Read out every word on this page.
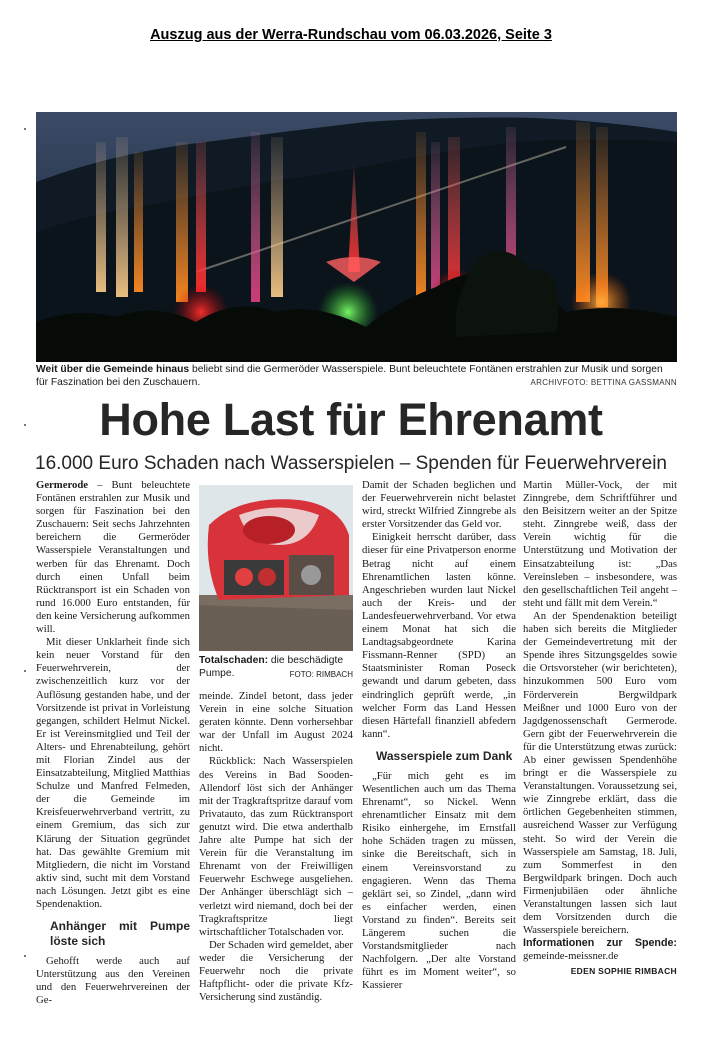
Auszug aus der Werra-Rundschau vom 06.03.2026, Seite 3
Weit über die Gemeinde hinaus beliebt sind die Germeröder Wasserspiele. Bunt beleuchtete Fontänen erstrahlen zur Musik und sorgen für Faszination bei den Zuschauern.	ARCHIVFOTO: BETTINA GASSMANN
Hohe Last für Ehrenamt
16.000 Euro Schaden nach Wasserspielen – Spenden für Feuerwehrverein

Germerode – Bunt beleuchtete Fontänen erstrahlen zur Musik und sorgen für Faszination bei den Zuschauern: Seit sechs Jahrzehnten bereichern die Germeröder Wasserspiele Veranstaltungen und werben für das Ehrenamt. Doch durch einen Unfall beim Rücktransport ist ein Schaden von rund 16.000 Euro entstanden, für den keine Versicherung aufkommen will.

Mit dieser Unklarheit finde sich kein neuer Vorstand für den Feuerwehrverein, der zwischenzeitlich kurz vor der Auflösung gestanden habe, und der Vorsitzende ist privat in Vorleistung gegangen, schildert Helmut Nickel. Er ist Vereinsmitglied und Teil der Alters- und Ehrenabteilung, gehört mit Florian Zindel aus der Einsatzabteilung, Mitglied Matthias Schulze und Manfred Felmeden, der die Gemeinde im Kreisfeuerwehrverband vertritt, zu einem Gremium, das sich zur Klärung der Situation gegründet hat. Das gewählte Gremium mit Mitgliedern, die nicht im Vorstand aktiv sind, sucht mit dem Vorstand nach Lösungen. Jetzt gibt es eine Spendenaktion.

Anhänger mit Pumpe löste sich

Gehofft werde auch auf Unterstützung aus den Vereinen und den Feuerwehrvereinen der Ge-

Totalschaden: die beschädigte Pumpe.	FOTO: RIMBACH

meinde. Zindel betont, dass jeder Verein in eine solche Situation geraten könnte. Denn vorhersehbar war der Unfall im August 2024 nicht.

Rückblick: Nach Wasserspielen des Vereins in Bad Sooden-Allendorf löst sich der Anhänger mit der Tragkraftspritze darauf vom Privatauto, das zum Rücktransport genutzt wird. Die etwa anderthalb Jahre alte Pumpe hat sich der Verein für die Veranstaltung im Ehrenamt von der Freiwilligen Feuerwehr Eschwege ausgeliehen. Der Anhänger überschlägt sich – verletzt wird niemand, doch bei der Tragkraftspritze liegt wirtschaftlicher Totalschaden vor.

Der Schaden wird gemeldet, aber weder die Versicherung der Feuerwehr noch die private Haftpflicht- oder die private Kfz-Versicherung sind zuständig.

Damit der Schaden beglichen und der Feuerwehrverein nicht belastet wird, streckt Wilfried Zinngrebe als erster Vorsitzender das Geld vor.

Einigkeit herrscht darüber, dass dieser für eine Privatperson enorme Betrag nicht auf einem Ehrenamtlichen lasten könne. Angeschrieben wurden laut Nickel auch der Kreis- und der Landesfeuerwehrverband. Vor etwa einem Monat hat sich die Landtagsabgeordnete Karina Fissmann-Renner (SPD) an Staatsminister Roman Poseck gewandt und darum gebeten, dass eindringlich geprüft werde, „in welcher Form das Land Hessen diesen Härtefall finanziell abfedern kann“.

Wasserspiele zum Dank

„Für mich geht es im Wesentlichen auch um das Thema Ehrenamt“, so Nickel. Wenn ehrenamtlicher Einsatz mit dem Risiko einhergehe, im Ernstfall hohe Schäden tragen zu müssen, sinke die Bereitschaft, sich in einem Vereinsvorstand zu engagieren. Wenn das Thema geklärt sei, so Zindel, „dann wird es einfacher werden, einen Vorstand zu finden“. Bereits seit Längerem suchen die Vorstandsmitglieder nach Nachfolgern. „Der alte Vorstand führt es im Moment weiter“, so Kassierer

Martin Müller-Vock, der mit Zinngrebe, dem Schriftführer und den Beisitzern weiter an der Spitze steht. Zinngrebe weiß, dass der Verein wichtig für die Unterstützung und Motivation der Einsatzabteilung ist: „Das Vereinsleben – insbesondere, was den gesellschaftlichen Teil angeht – steht und fällt mit dem Verein.“

An der Spendenaktion beteiligt haben sich bereits die Mitglieder der Gemeindevertretung mit der Spende ihres Sitzungsgeldes sowie die Ortsvorsteher (wir berichteten), hinzukommen 500 Euro vom Förderverein Bergwildpark Meißner und 1000 Euro von der Jagdgenossenschaft Germerode. Gern gibt der Feuerwehrverein die für die Unterstützung etwas zurück: Ab einer gewissen Spendenhöhe bringt er die Wasserspiele zu Veranstaltungen. Voraussetzung sei, wie Zinngrebe erklärt, dass die örtlichen Gegebenheiten stimmen, ausreichend Wasser zur Verfügung steht. So wird der Verein die Wasserspiele am Samstag, 18. Juli, zum Sommerfest in den Bergwildpark bringen. Doch auch Firmenjubiläen oder ähnliche Veranstaltungen lassen sich laut dem Vorsitzenden durch die Wasserspiele bereichern.

Informationen zur Spende: gemeinde-meissner.de

EDEN SOPHIE RIMBACH
